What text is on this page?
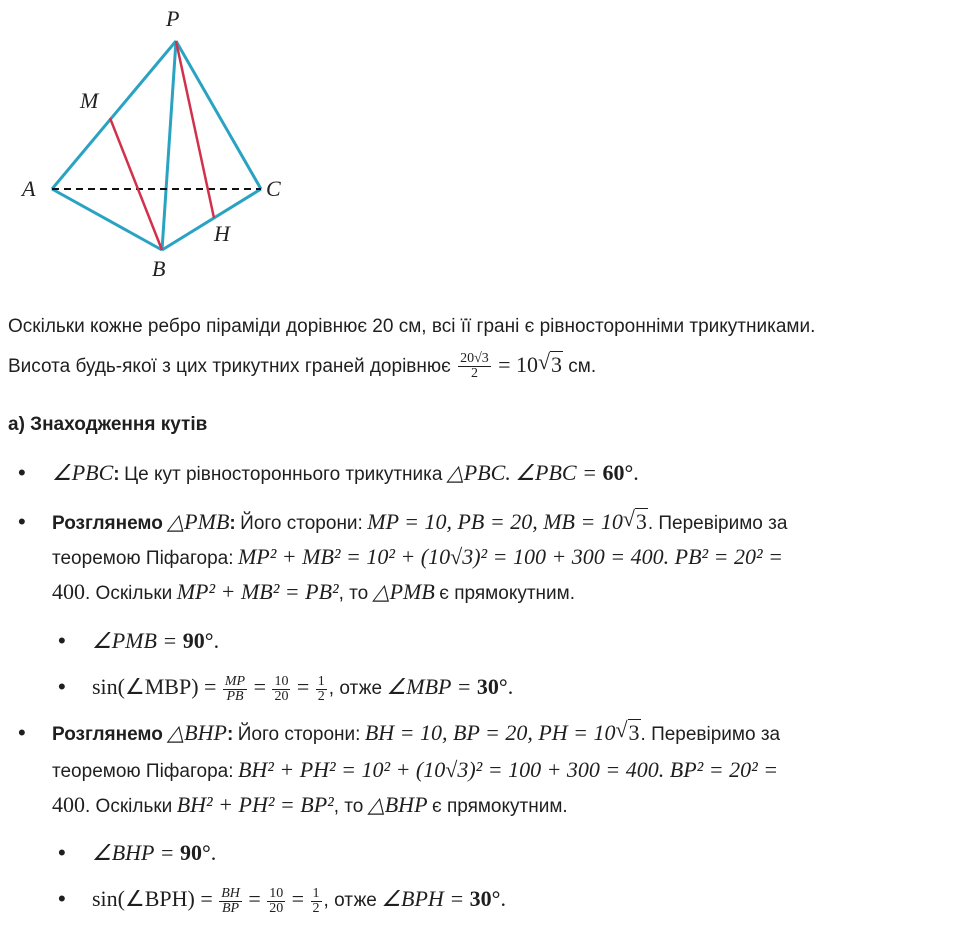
P
M
A	C
B
H
Оскільки кожне ребро піраміди дорівнює 20 см, всі її грані є рівносторонніми трикутниками.
Висота будь-якої з цих трикутних граней дорівнює $\frac{20√3}{2} = 10$ √ 3 см.
а) Знаходження кутів
• ∠PBC: Це кут рівностороннього трикутника △PBC. ∠PBC = 60°.
• Розглянемо △PMB: Його сторони: MP = 10, PB = 20, MB = 10 √ 3. Перевіримо за
теоремою Піфагора: MP² + MB² = 10² + (10√3)² = 100 + 300 = 400. PB² = 20² =
400. Оскільки MP² + MB² = PB², то △PMB є прямокутним.
• ∠PMB = 90°.
• sin(∠MBP) = $\frac{MP}{PB} = \frac{10}{20} = \frac{1}{2}$ , отже ∠MBP = 30°.
• Розглянемо △BHP: Його сторони: BH = 10, BP = 20, PH = 10 √ 3. Перевіримо за
теоремою Піфагора: BH² + PH² = 10² + (10√3)² = 100 + 300 = 400. BP² = 20² =
400. Оскільки BH² + PH² = BP², то △BHP є прямокутним.
• ∠BHP = 90°.
• sin(∠BPH) = $\frac{BH}{BP} = \frac{10}{20} = \frac{1}{2}$ , отже ∠BPH = 30°.
